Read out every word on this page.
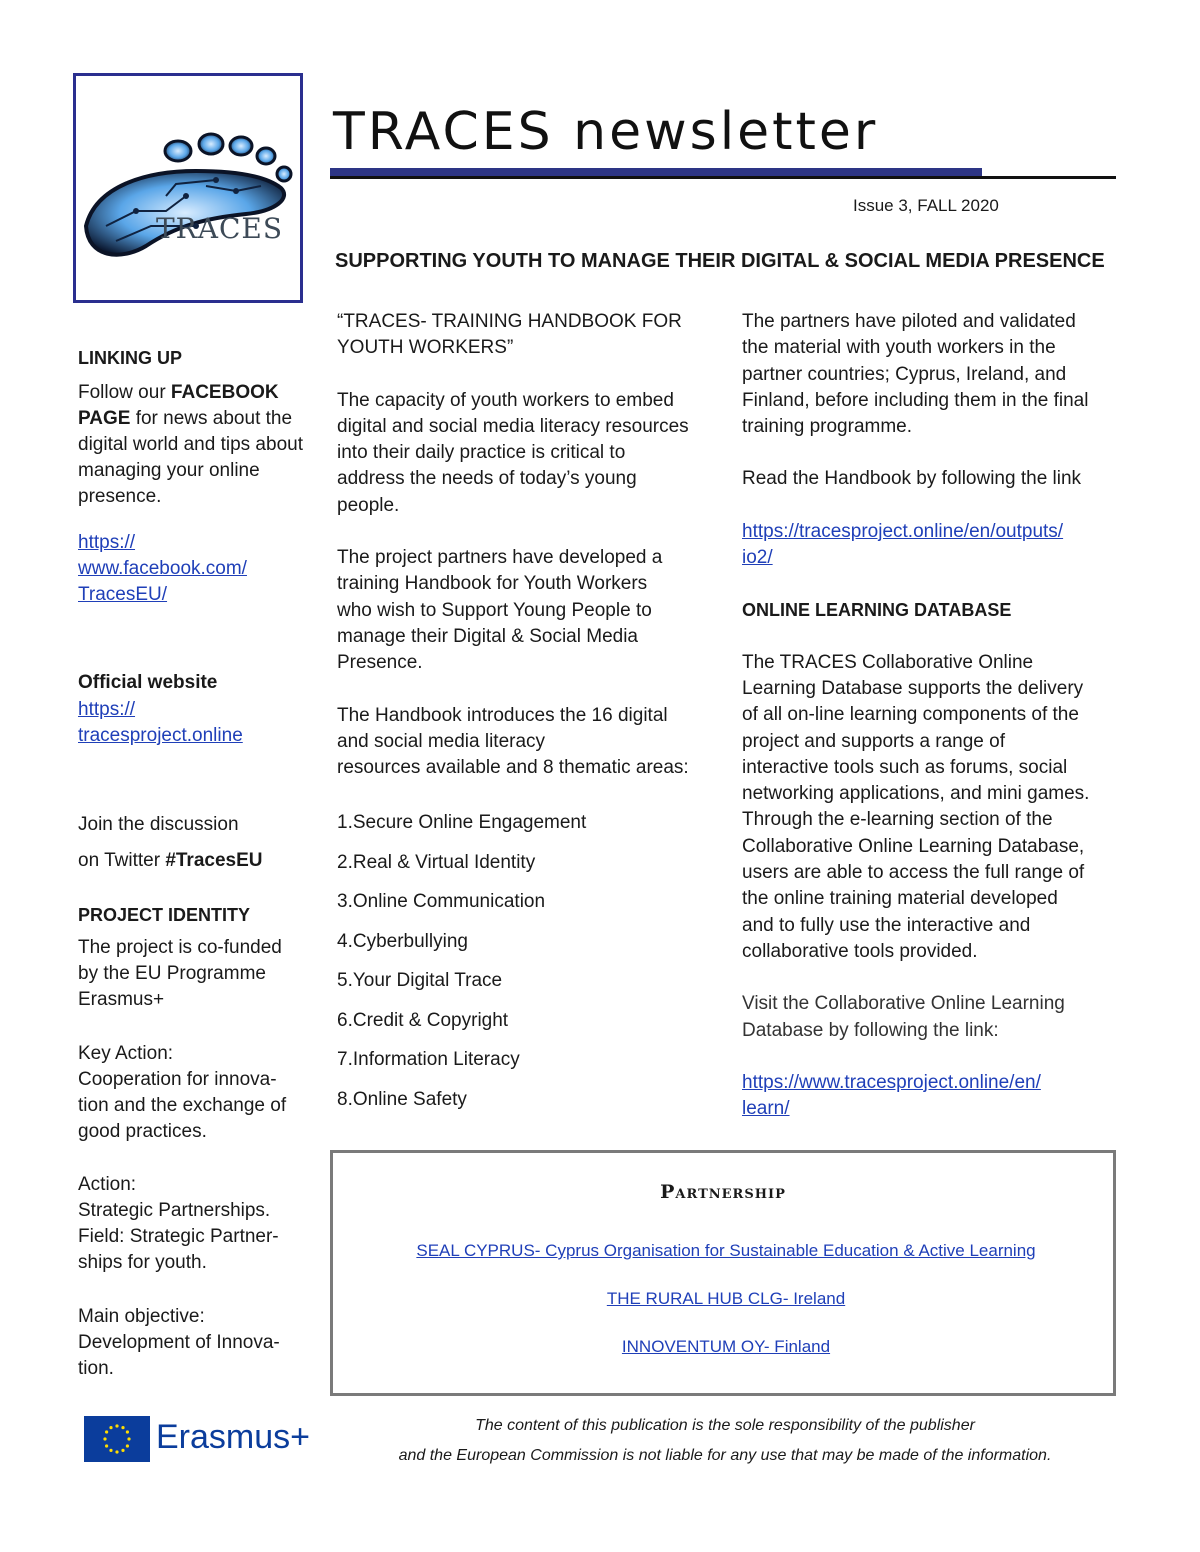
TRACES
TRACES newsletter
Issue 3, FALL 2020
SUPPORTING YOUTH TO MANAGE THEIR DIGITAL & SOCIAL MEDIA PRESENCE
LINKING UP
Follow our FACEBOOK PAGE for news about the digital world and tips about managing your online presence.
https://
www.facebook.com/
TracesEU/
Official website
https://
tracesproject.online
Join the discussion
on Twitter #TracesEU
PROJECT IDENTITY
The project is co-funded
by the EU Programme
Erasmus+
Key Action:
Cooperation for innova-
tion and the exchange of
good practices.
Action:
Strategic Partnerships.
Field: Strategic Partner-
ships for youth.
Main objective:
Development of Innova-
tion.
Erasmus+

“TRACES- TRAINING HANDBOOK FOR

YOUTH WORKERS”

The capacity of youth workers to embed

digital and social media literacy resources

into their daily practice is critical to

address the needs of today’s young

people.

The project partners have developed a

training Handbook for Youth Workers

who wish to Support Young People to

manage their Digital & Social Media

Presence.

The Handbook introduces the 16 digital

and social media literacy

resources available and 8 thematic areas:

1.Secure Online Engagement
2.Real & Virtual Identity
3.Online Communication
4.Cyberbullying
5.Your Digital Trace
6.Credit & Copyright
7.Information Literacy
8.Online Safety

The partners have piloted and validated

the material with youth workers in the

partner countries; Cyprus, Ireland, and

Finland, before including them in the final

training programme.

Read the Handbook by following the link

https://tracesproject.online/en/outputs/

io2/

ONLINE LEARNING DATABASE

The TRACES Collaborative Online

Learning Database supports the delivery

of all on-line learning components of the

project and supports a range of

interactive tools such as forums, social

networking applications, and mini games.

Through the e-learning section of the

Collaborative Online Learning Database,

users are able to access the full range of

the online training material developed

and to fully use the interactive and

collaborative tools provided.

Visit the Collaborative Online Learning

Database by following the link:

https://www.tracesproject.online/en/

learn/

Partnership
SEAL CYPRUS- Cyprus Organisation for Sustainable Education & Active Learning
THE RURAL HUB CLG- Ireland
INNOVENTUM OY- Finland
The content of this publication is the sole responsibility of the publisher
and the European Commission is not liable for any use that may be made of the information.
